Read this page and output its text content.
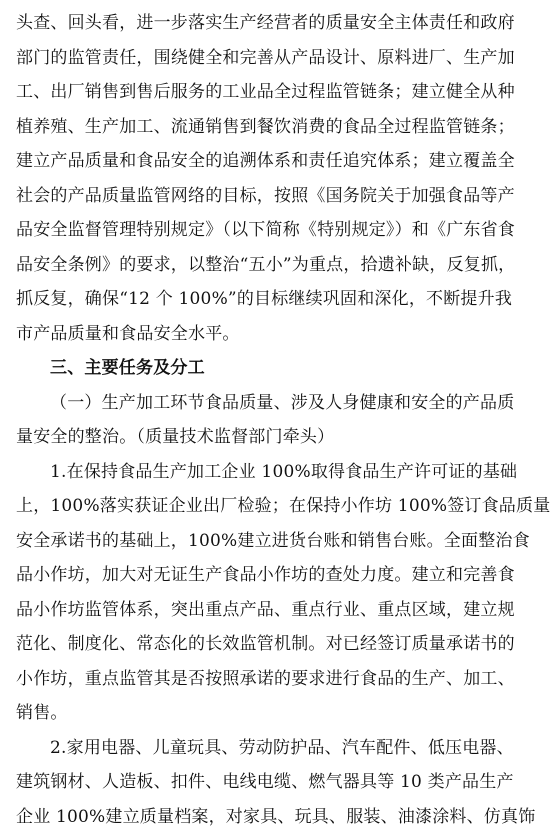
头查、回头看，进一步落实生产经营者的质量安全主体责任和政府
部门的监管责任，围绕健全和完善从产品设计、原料进厂、生产加
工、出厂销售到售后服务的工业品全过程监管链条；建立健全从种
植养殖、生产加工、流通销售到餐饮消费的食品全过程监管链条；
建立产品质量和食品安全的追溯体系和责任追究体系；建立覆盖全
社会的产品质量监管网络的目标，按照《国务院关于加强食品等产
品安全监督管理特别规定》（以下简称《特别规定》）和《广东省食
品安全条例》的要求，以整治“五小”为重点，拾遗补缺，反复抓，
抓反复，确保“12 个 100%”的目标继续巩固和深化，不断提升我
市产品质量和食品安全水平。
三、主要任务及分工
（一）生产加工环节食品质量、涉及人身健康和安全的产品质
量安全的整治。（质量技术监督部门牵头）
1.在保持食品生产加工企业 100%取得食品生产许可证的基础
上，100%落实获证企业出厂检验；在保持小作坊 100%签订食品质量
安全承诺书的基础上，100%建立进货台账和销售台账。全面整治食
品小作坊，加大对无证生产食品小作坊的查处力度。建立和完善食
品小作坊监管体系，突出重点产品、重点行业、重点区域，建立规
范化、制度化、常态化的长效监管机制。对已经签订质量承诺书的
小作坊，重点监管其是否按照承诺的要求进行食品的生产、加工、
销售。
2.家用电器、儿童玩具、劳动防护品、汽车配件、低压电器、
建筑钢材、人造板、扣件、电线电缆、燃气器具等 10 类产品生产
企业 100%建立质量档案，对家具、玩具、服装、油漆涂料、仿真饰
